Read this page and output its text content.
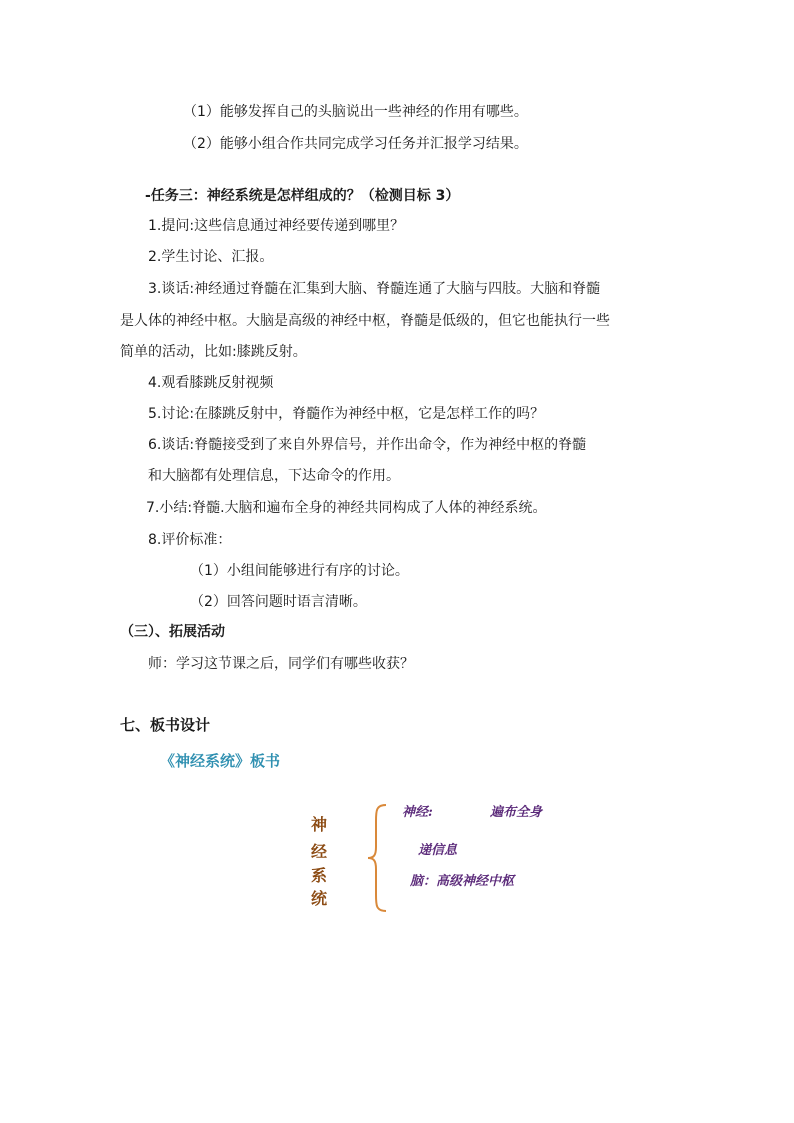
（1）能够发挥自己的头脑说出一些神经的作用有哪些。
（2）能够小组合作共同完成学习任务并汇报学习结果。
-任务三：神经系统是怎样组成的？（检测目标 3）
1.提问:这些信息通过神经要传递到哪里？
2.学生讨论、汇报。
3.谈话:神经通过脊髓在汇集到大脑、脊髓连通了大脑与四肢。大脑和脊髓
是人体的神经中枢。大脑是高级的神经中枢，脊髓是低级的，但它也能执行一些
简单的活动，比如:膝跳反射。
4.观看膝跳反射视频
5.讨论:在膝跳反射中，脊髓作为神经中枢，它是怎样工作的吗？
6.谈话:脊髓接受到了来自外界信号，并作出命令，作为神经中枢的脊髓
和大脑都有处理信息，下达命令的作用。
7.小结:脊髓.大脑和遍布全身的神经共同构成了人体的神经系统。
8.评价标准：
（1）小组间能够进行有序的讨论。
（2）回答问题时语言清晰。
（三）、拓展活动
师：学习这节课之后，同学们有哪些收获？
七、板书设计
《神经系统》板书
神
经
系
统
神经:	遍布全身
递信息
脑：高级神经中枢
